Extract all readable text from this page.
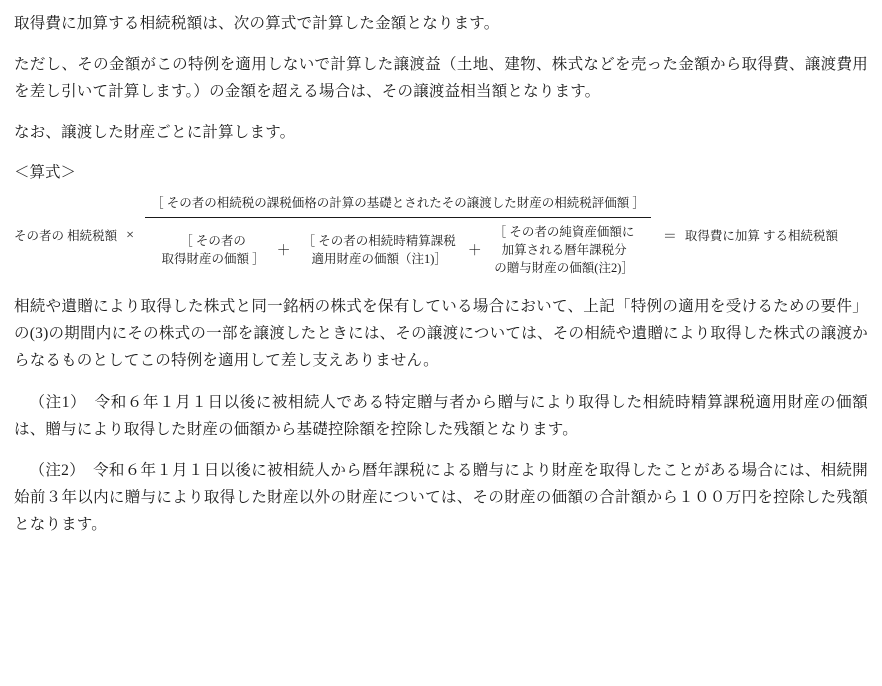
取得費に加算する相続税額は、次の算式で計算した金額となります。

ただし、その金額がこの特例を適用しないで計算した譲渡益（土地、建物、株式などを売った金額から取得費、譲渡費用を差し引いて計算します。）の金額を超える場合は、その譲渡益相当額となります。

なお、譲渡した財産ごとに計算します。

＜算式＞
その者の 相続税額 ×
［ その者の相続税の課税価格の計算の基礎とされたその譲渡した財産の相続税評価額 ］
［ その者の
取得財産の価額 ］ ＋
［ その者の相続時精算課税
適用財産の価額（注1)］	＋
［ その者の純資産価額に
加算される暦年課税分
の贈与財産の価額(注2)］
＝ 取得費に加算 する相続税額

相続や遺贈により取得した株式と同一銘柄の株式を保有している場合において、上記「特例の適用を受けるための要件」の(3)の期間内にその株式の一部を譲渡したときには、その譲渡については、その相続や遺贈により取得した株式の譲渡からなるものとしてこの特例を適用して差し支えありません。

（注1）　令和６年１月１日以後に被相続人である特定贈与者から贈与により取得した相続時精算課税適用財産の価額は、贈与により取得した財産の価額から基礎控除額を控除した残額となります。

（注2）　令和６年１月１日以後に被相続人から暦年課税による贈与により財産を取得したことがある場合には、相続開始前３年以内に贈与により取得した財産以外の財産については、その財産の価額の合計額から１００万円を控除した残額となります。
